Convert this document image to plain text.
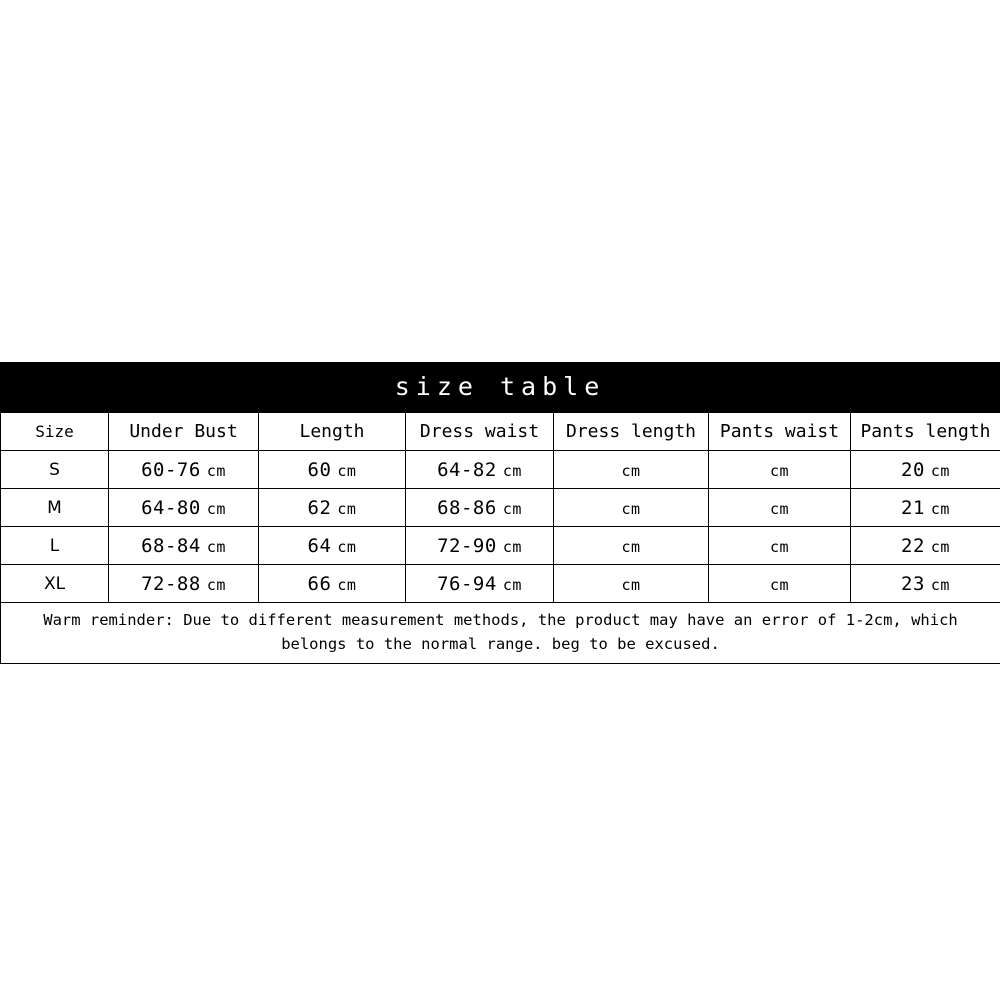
size table
Size	Under Bust	Length	Dress waist	Dress length	Pants waist	Pants length
S	60-76 cm	60 cm	64-82 cm	cm	cm	20 cm
M	64-80 cm	62 cm	68-86 cm	cm	cm	21 cm
L	68-84 cm	64 cm	72-90 cm	cm	cm	22 cm
XL	72-88 cm	66 cm	76-94 cm	cm	cm	23 cm
Warm reminder: Due to different measurement methods, the product may have an error of 1-2cm, which belongs to the normal range. beg to be excused.						
